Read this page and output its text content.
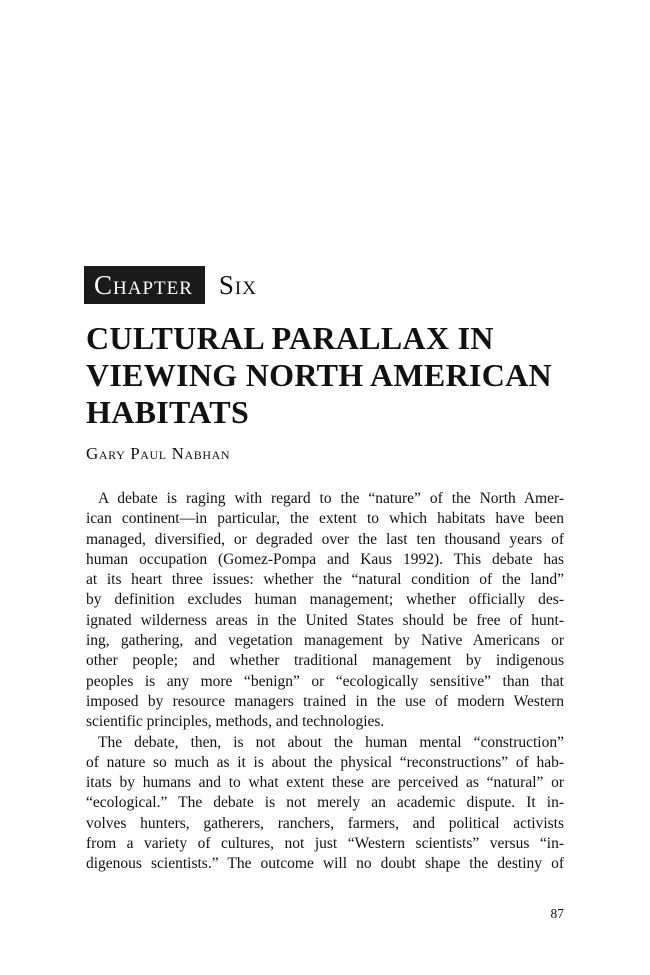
Chapter Six
CULTURAL PARALLAX IN
VIEWING NORTH AMERICAN
HABITATS

Gary Paul Nabhan

A debate is raging with regard to the “nature” of the North Amer-
ican continent—in particular, the extent to which habitats have been
managed, diversified, or degraded over the last ten thousand years of
human occupation (Gomez-Pompa and Kaus 1992). This debate has
at its heart three issues: whether the “natural condition of the land”
by definition excludes human management; whether officially des-
ignated wilderness areas in the United States should be free of hunt-
ing, gathering, and vegetation management by Native Americans or
other people; and whether traditional management by indigenous
peoples is any more “benign” or “ecologically sensitive” than that
imposed by resource managers trained in the use of modern Western
scientific principles, methods, and technologies.
The debate, then, is not about the human mental “construction”
of nature so much as it is about the physical “reconstructions” of hab-
itats by humans and to what extent these are perceived as “natural” or
“ecological.” The debate is not merely an academic dispute. It in-
volves hunters, gatherers, ranchers, farmers, and political activists
from a variety of cultures, not just “Western scientists” versus “in-
digenous scientists.” The outcome will no doubt shape the destiny of
87
